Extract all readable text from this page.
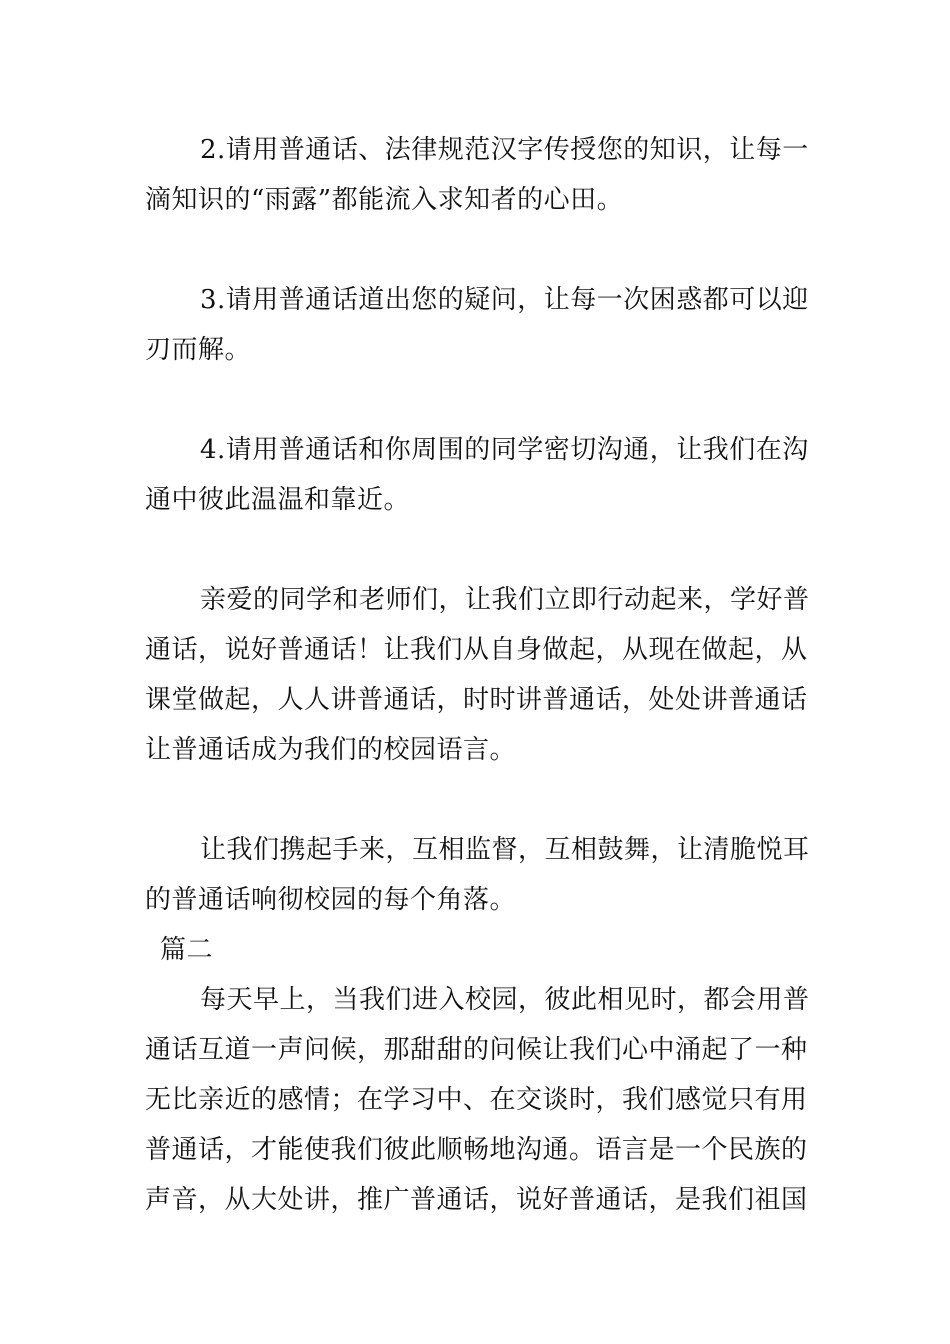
2.请用普通话、法律规范汉字传授您的知识，让每一
滴知识的“雨露”都能流入求知者的心田。
3.请用普通话道出您的疑问，让每一次困惑都可以迎
刃而解。
4.请用普通话和你周围的同学密切沟通，让我们在沟
通中彼此温温和靠近。
亲爱的同学和老师们，让我们立即行动起来，学好普
通话，说好普通话！让我们从自身做起，从现在做起，从
课堂做起，人人讲普通话，时时讲普通话，处处讲普通话
让普通话成为我们的校园语言。
让我们携起手来，互相监督，互相鼓舞，让清脆悦耳
的普通话响彻校园的每个角落。
篇二
每天早上，当我们进入校园，彼此相见时，都会用普
通话互道一声问候，那甜甜的问候让我们心中涌起了一种
无比亲近的感情；在学习中、在交谈时，我们感觉只有用
普通话，才能使我们彼此顺畅地沟通。语言是一个民族的
声音，从大处讲，推广普通话，说好普通话，是我们祖国
